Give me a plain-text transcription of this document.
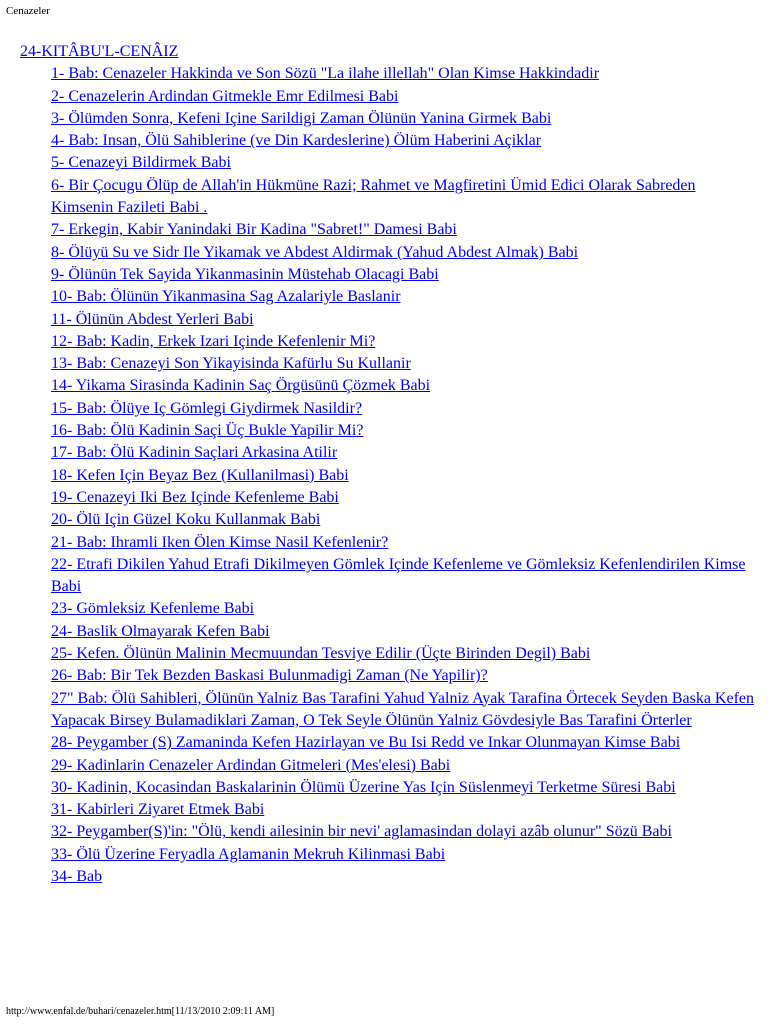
Cenazeler
24-KITÂBU'L-CENÂIZ
1- Bab: Cenazeler Hakkinda ve Son Sözü "La ilahe illellah" Olan Kimse Hakkindadir
2- Cenazelerin Ardindan Gitmekle Emr Edilmesi Babi
3- Ölümden Sonra, Kefeni Içine Sarildigi Zaman Ölünün Yanina Girmek Babi
4- Bab: Insan, Ölü Sahiblerine (ve Din Kardeslerine) Ölüm Haberini Açiklar
5- Cenazeyi Bildirmek Babi
6- Bir Çocugu Ölüp de Allah'in Hükmüne Razi; Rahmet ve Magfiretini Ümid Edici Olarak Sabreden Kimsenin Fazileti Babi .
7- Erkegin, Kabir Yanindaki Bir Kadina "Sabret!" Damesi Babi
8- Ölüyü Su ve Sidr Ile Yikamak ve Abdest Aldirmak (Yahud Abdest Almak) Babi
9- Ölünün Tek Sayida Yikanmasinin Müstehab Olacagi Babi
10- Bab: Ölünün Yikanmasina Sag Azalariyle Baslanir
11- Ölünün Abdest Yerleri Babi
12- Bab: Kadin, Erkek Izari Içinde Kefenlenir Mi?
13- Bab: Cenazeyi Son Yikayisinda Kafürlu Su Kullanir
14- Yikama Sirasinda Kadinin Saç Örgüsünü Çözmek Babi
15- Bab: Ölüye Iç Gömlegi Giydirmek Nasildir?
16- Bab: Ölü Kadinin Saçi Üç Bukle Yapilir Mi?
17- Bab: Ölü Kadinin Saçlari Arkasina Atilir
18- Kefen Için Beyaz Bez (Kullanilmasi) Babi
19- Cenazeyi Iki Bez Içinde Kefenleme Babi
20- Ölü Için Güzel Koku Kullanmak Babi
21- Bab: Ihramli Iken Ölen Kimse Nasil Kefenlenir?
22- Etrafi Dikilen Yahud Etrafi Dikilmeyen Gömlek Içinde Kefenleme ve Gömleksiz Kefenlendirilen Kimse Babi
23- Gömleksiz Kefenleme Babi
24- Baslik Olmayarak Kefen Babi
25- Kefen. Ölünün Malinin Mecmuundan Tesviye Edilir (Üçte Birinden Degil) Babi
26- Bab: Bir Tek Bezden Baskasi Bulunmadigi Zaman (Ne Yapilir)?
27" Bab: Ölü Sahibleri, Ölünün Yalniz Bas Tarafini Yahud Yalniz Ayak Tarafina Örtecek Seyden Baska Kefen Yapacak Birsey Bulamadiklari Zaman, O Tek Seyle Ölünün Yalniz Gövdesiyle Bas Tarafini Örterler
28- Peygamber (S) Zamaninda Kefen Hazirlayan ve Bu Isi Redd ve Inkar Olunmayan Kimse Babi
29- Kadinlarin Cenazeler Ardindan Gitmeleri (Mes'elesi) Babi
30- Kadinin, Kocasindan Baskalarinin Ölümü Üzerine Yas Için Süslenmeyi Terketme Süresi Babi
31- Kabirleri Ziyaret Etmek Babi
32- Peygamber(S)'in: "Ölü, kendi ailesinin bir nevi' aglamasindan dolayi azâb olunur" Sözü Babi
33- Ölü Üzerine Feryadla Aglamanin Mekruh Kilinmasi Babi
34- Bab
http://www.enfal.de/buhari/cenazeler.htm[11/13/2010 2:09:11 AM]
